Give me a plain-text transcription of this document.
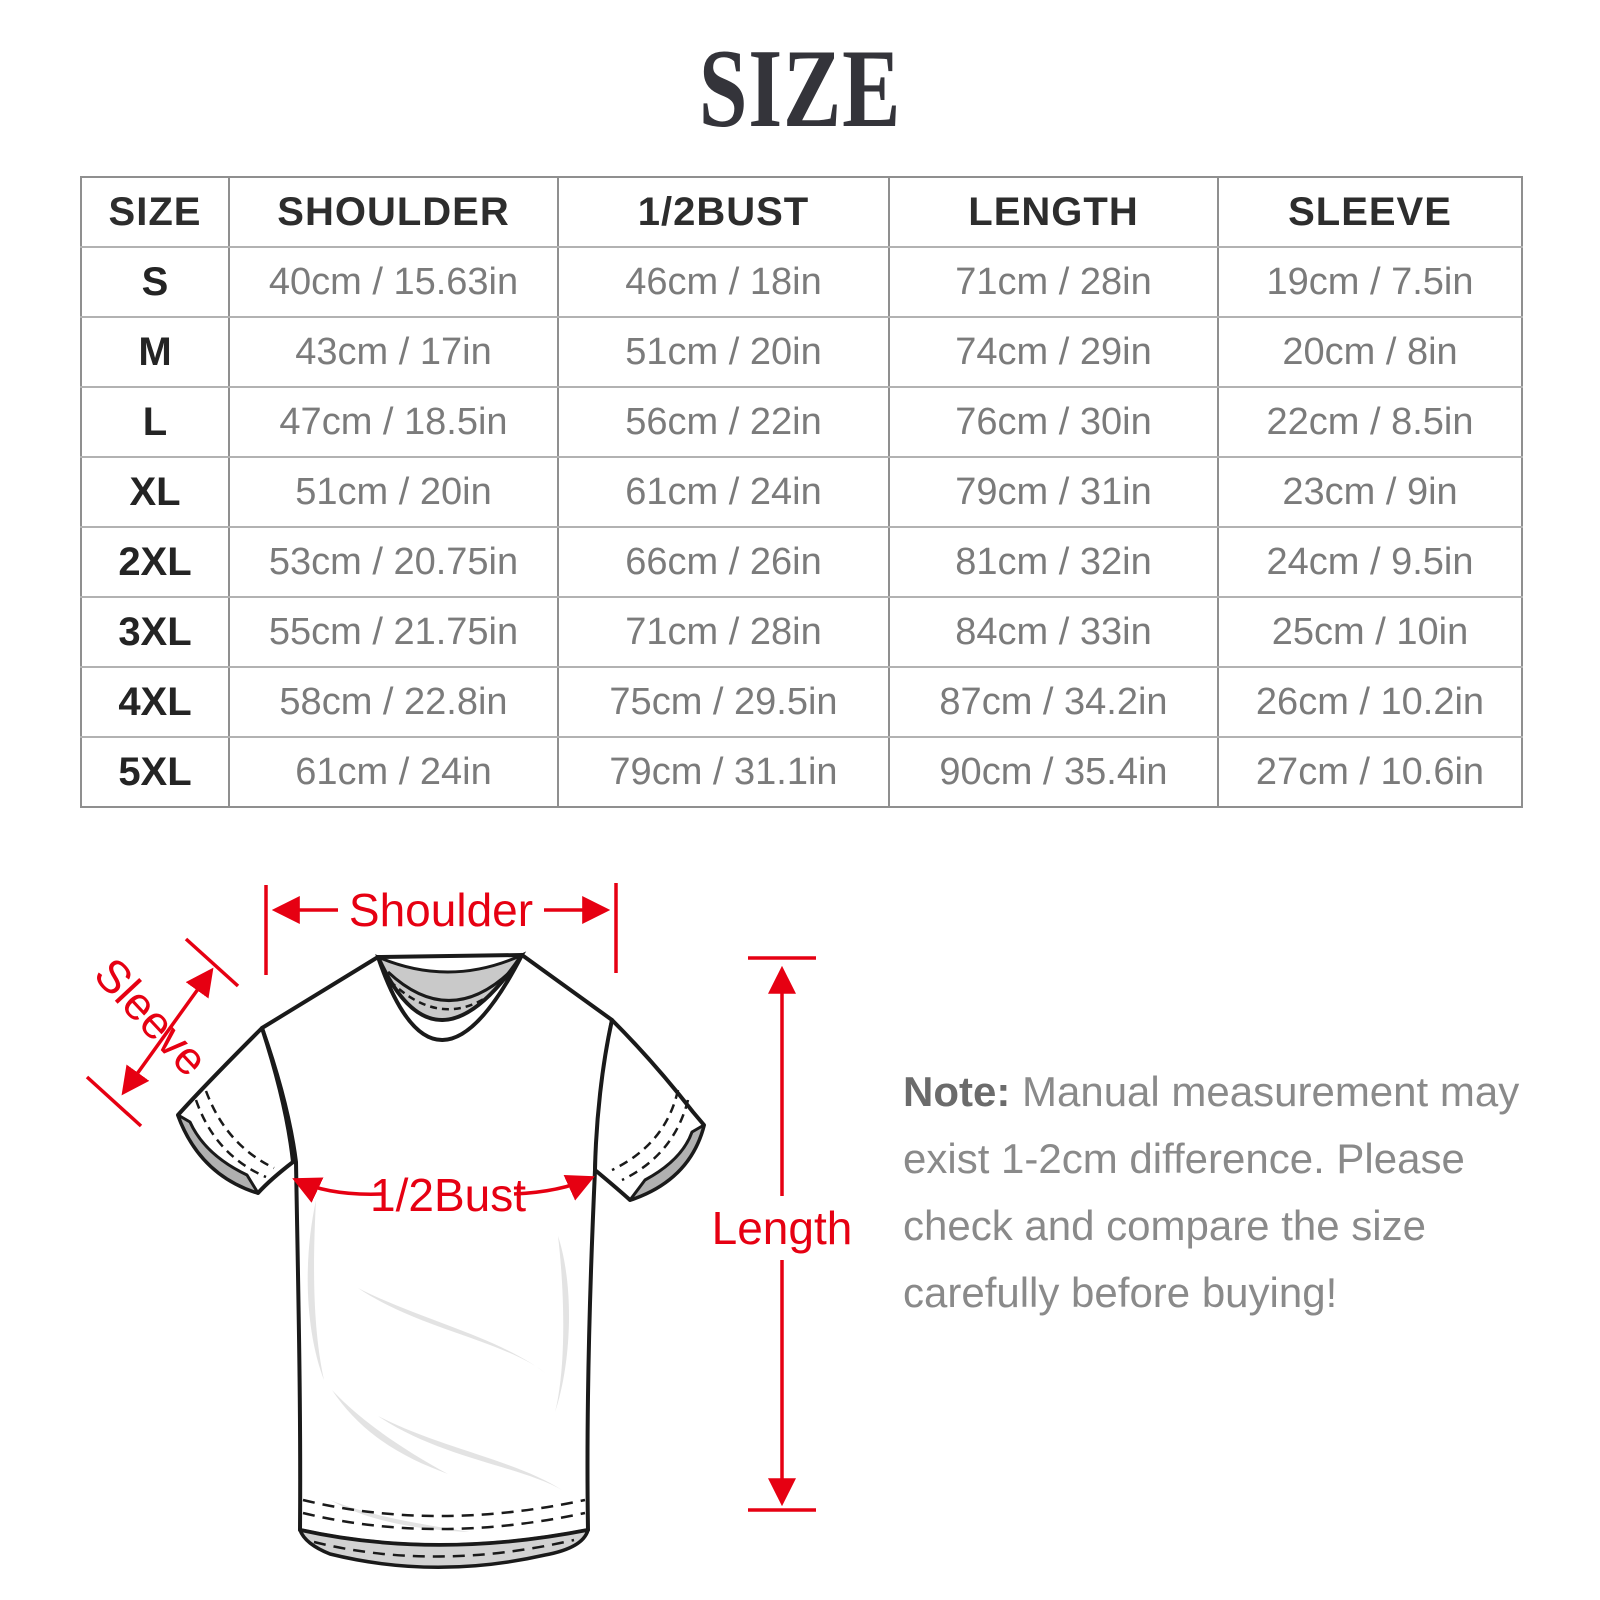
SIZE
SIZE	SHOULDER	1/2BUST	LENGTH	SLEEVE
S	40cm / 15.63in	46cm / 18in	71cm / 28in	19cm / 7.5in
M	43cm / 17in	51cm / 20in	74cm / 29in	20cm / 8in
L	47cm / 18.5in	56cm / 22in	76cm / 30in	22cm / 8.5in
XL	51cm / 20in	61cm / 24in	79cm / 31in	23cm / 9in
2XL	53cm / 20.75in	66cm / 26in	81cm / 32in	24cm / 9.5in
3XL	55cm / 21.75in	71cm / 28in	84cm / 33in	25cm / 10in
4XL	58cm / 22.8in	75cm / 29.5in	87cm / 34.2in	26cm / 10.2in
5XL	61cm / 24in	79cm / 31.1in	90cm / 35.4in	27cm / 10.6in
Shoulder
Sleeve
1/2Bust
Length

Note: Manual measurement may exist 1-2cm difference. Please check and compare the size carefully before buying!
